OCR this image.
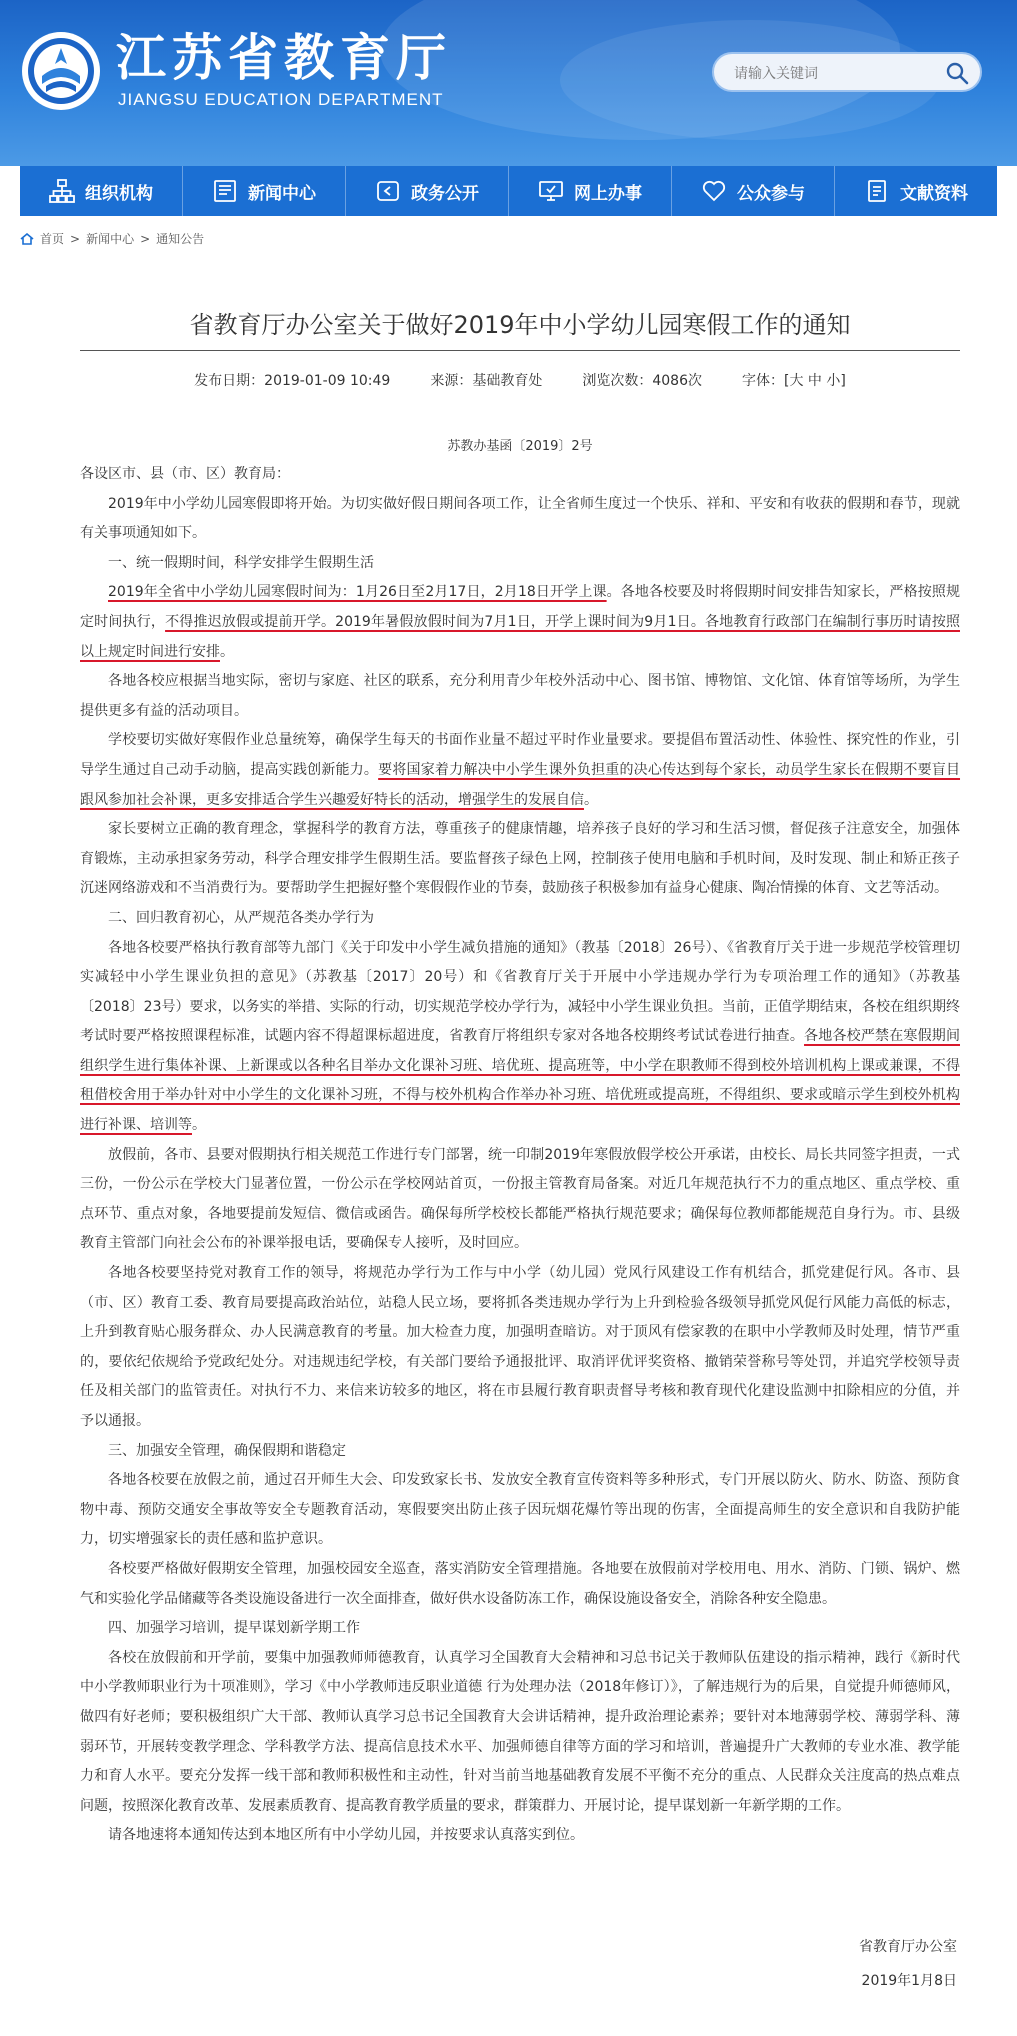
江苏省教育厅
JIANGSU EDUCATION DEPARTMENT
请输入关键词
组织机构	新闻中心	政务公开	网上办事	公众参与	文献资料
首页 > 新闻中心 > 通知公告
省教育厅办公室关于做好2019年中小学幼儿园寒假工作的通知
发布日期：2019-01-09 10:49	来源：基础教育处	浏览次数：4086次	字体：[大 中 小]
苏教办基函〔2019〕2号

各设区市、县（市、区）教育局：

2019年中小学幼儿园寒假即将开始。为切实做好假日期间各项工作，让全省师生度过一个快乐、祥和、平安和有收获的假期和春节，现就有关事项通知如下。

一、统一假期时间，科学安排学生假期生活

2019年全省中小学幼儿园寒假时间为：1月26日至2月17日，2月18日开学上课。各地各校要及时将假期时间安排告知家长，严格按照规定时间执行，不得推迟放假或提前开学。2019年暑假放假时间为7月1日，开学上课时间为9月1日。各地教育行政部门在编制行事历时请按照以上规定时间进行安排。

各地各校应根据当地实际，密切与家庭、社区的联系，充分利用青少年校外活动中心、图书馆、博物馆、文化馆、体育馆等场所，为学生提供更多有益的活动项目。

学校要切实做好寒假作业总量统筹，确保学生每天的书面作业量不超过平时作业量要求。要提倡布置活动性、体验性、探究性的作业，引导学生通过自己动手动脑，提高实践创新能力。要将国家着力解决中小学生课外负担重的决心传达到每个家长，动员学生家长在假期不要盲目跟风参加社会补课，更多安排适合学生兴趣爱好特长的活动，增强学生的发展自信。

家长要树立正确的教育理念，掌握科学的教育方法，尊重孩子的健康情趣，培养孩子良好的学习和生活习惯，督促孩子注意安全，加强体育锻炼，主动承担家务劳动，科学合理安排学生假期生活。要监督孩子绿色上网，控制孩子使用电脑和手机时间，及时发现、制止和矫正孩子沉迷网络游戏和不当消费行为。要帮助学生把握好整个寒假假作业的节奏，鼓励孩子积极参加有益身心健康、陶冶情操的体育、文艺等活动。

二、回归教育初心，从严规范各类办学行为

各地各校要严格执行教育部等九部门《关于印发中小学生减负措施的通知》（教基〔2018〕26号）、《省教育厅关于进一步规范学校管理切实减轻中小学生课业负担的意见》（苏教基〔2017〕20号）和《省教育厅关于开展中小学违规办学行为专项治理工作的通知》（苏教基〔2018〕23号）要求，以务实的举措、实际的行动，切实规范学校办学行为，减轻中小学生课业负担。当前，正值学期结束，各校在组织期终考试时要严格按照课程标准，试题内容不得超课标超进度，省教育厅将组织专家对各地各校期终考试试卷进行抽查。各地各校严禁在寒假期间组织学生进行集体补课、上新课或以各种名目举办文化课补习班、培优班、提高班等，中小学在职教师不得到校外培训机构上课或兼课，不得租借校舍用于举办针对中小学生的文化课补习班，不得与校外机构合作举办补习班、培优班或提高班，不得组织、要求或暗示学生到校外机构进行补课、培训等。

放假前，各市、县要对假期执行相关规范工作进行专门部署，统一印制2019年寒假放假学校公开承诺，由校长、局长共同签字担责，一式三份，一份公示在学校大门显著位置，一份公示在学校网站首页，一份报主管教育局备案。对近几年规范执行不力的重点地区、重点学校、重点环节、重点对象，各地要提前发短信、微信或函告。确保每所学校校长都能严格执行规范要求；确保每位教师都能规范自身行为。市、县级教育主管部门向社会公布的补课举报电话，要确保专人接听，及时回应。

各地各校要坚持党对教育工作的领导，将规范办学行为工作与中小学（幼儿园）党风行风建设工作有机结合，抓党建促行风。各市、县（市、区）教育工委、教育局要提高政治站位，站稳人民立场，要将抓各类违规办学行为上升到检验各级领导抓党风促行风能力高低的标志，上升到教育贴心服务群众、办人民满意教育的考量。加大检查力度，加强明查暗访。对于顶风有偿家教的在职中小学教师及时处理，情节严重的，要依纪依规给予党政纪处分。对违规违纪学校，有关部门要给予通报批评、取消评优评奖资格、撤销荣誉称号等处罚，并追究学校领导责任及相关部门的监管责任。对执行不力、来信来访较多的地区，将在市县履行教育职责督导考核和教育现代化建设监测中扣除相应的分值，并予以通报。

三、加强安全管理，确保假期和谐稳定

各地各校要在放假之前，通过召开师生大会、印发致家长书、发放安全教育宣传资料等多种形式，专门开展以防火、防水、防盗、预防食物中毒、预防交通安全事故等安全专题教育活动，寒假要突出防止孩子因玩烟花爆竹等出现的伤害，全面提高师生的安全意识和自我防护能力，切实增强家长的责任感和监护意识。

各校要严格做好假期安全管理，加强校园安全巡查，落实消防安全管理措施。各地要在放假前对学校用电、用水、消防、门锁、锅炉、燃气和实验化学品储藏等各类设施设备进行一次全面排查，做好供水设备防冻工作，确保设施设备安全，消除各种安全隐患。

四、加强学习培训，提早谋划新学期工作

各校在放假前和开学前，要集中加强教师师德教育，认真学习全国教育大会精神和习总书记关于教师队伍建设的指示精神，践行《新时代中小学教师职业行为十项准则》，学习《中小学教师违反职业道德 行为处理办法（2018年修订）》，了解违规行为的后果，自觉提升师德师风，做四有好老师；要积极组织广大干部、教师认真学习总书记全国教育大会讲话精神，提升政治理论素养；要针对本地薄弱学校、薄弱学科、薄弱环节，开展转变教学理念、学科教学方法、提高信息技术水平、加强师德自律等方面的学习和培训，普遍提升广大教师的专业水准、教学能力和育人水平。要充分发挥一线干部和教师积极性和主动性，针对当前当地基础教育发展不平衡不充分的重点、人民群众关注度高的热点难点问题，按照深化教育改革、发展素质教育、提高教育教学质量的要求，群策群力、开展讨论，提早谋划新一年新学期的工作。

请各地速将本通知传达到本地区所有中小学幼儿园，并按要求认真落实到位。

省教育厅办公室
2019年1月8日
